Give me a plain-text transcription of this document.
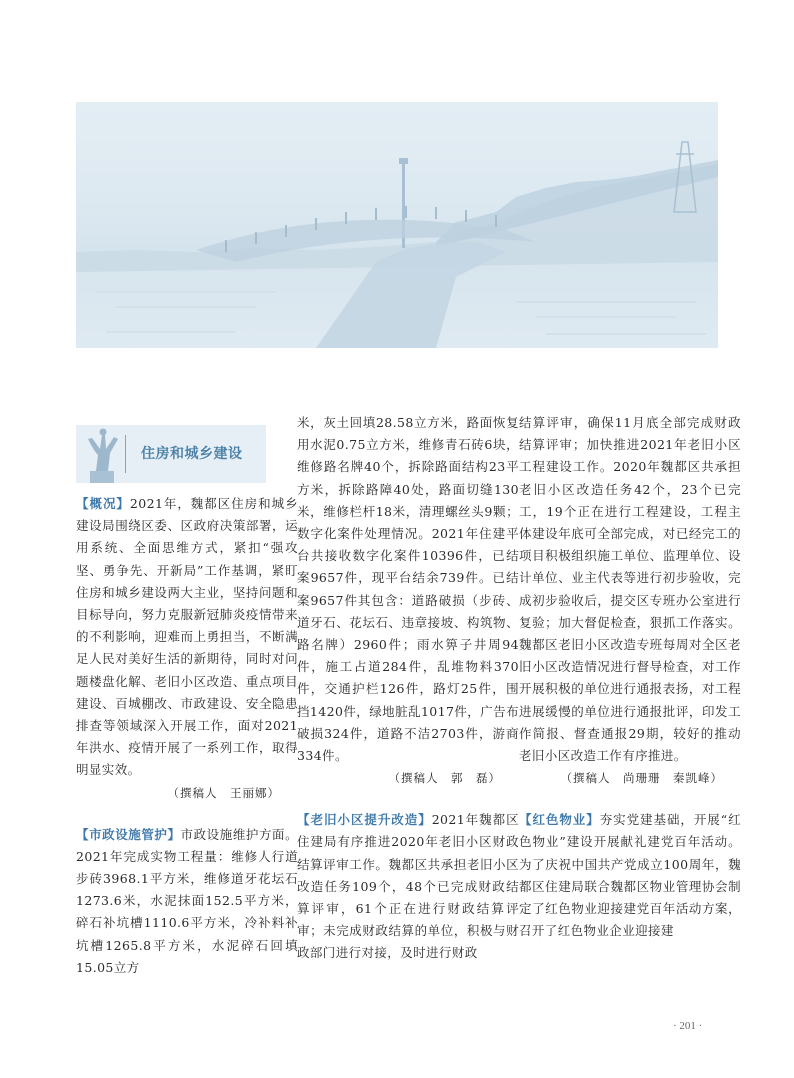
住房和城乡建设

【概况】2021年，魏都区住房和城乡建设局围绕区委、区政府决策部署，运用系统、全面思维方式，紧扣“强攻坚、勇争先、开新局”工作基调，紧盯住房和城乡建设两大主业，坚持问题和目标导向，努力克服新冠肺炎疫情带来的不利影响，迎难而上勇担当，不断满足人民对美好生活的新期待，同时对问题楼盘化解、老旧小区改造、重点项目建设、百城棚改、市政建设、安全隐患排查等领域深入开展工作，面对2021年洪水、疫情开展了一系列工作，取得明显实效。

（撰稿人　王丽娜）

【市政设施管护】市政设施维护方面。2021年完成实物工程量：维修人行道步砖3968.1平方米，维修道牙花坛石1273.6米，水泥抹面152.5平方米，碎石补坑槽1110.6平方米，冷补料补坑槽1265.8平方米，水泥碎石回填15.05立方

米，灰土回填28.58立方米，路面恢复用水泥0.75立方米，维修青石砖6块，维修路名牌40个，拆除路面结构23平方米，拆除路障40处，路面切缝130米，维修栏杆18米，清理螺丝头9颗；数字化案件处理情况。2021年住建平台共接收数字化案件10396件，已结案9657件，现平台结余739件。已结案9657件其包含：道路破损（步砖、道牙石、花坛石、违章接坡、构筑物、路名牌）2960件；雨水箅子井周94件，施工占道284件，乱堆物料370件，交通护栏126件，路灯25件，围挡1420件，绿地脏乱1017件，广告布破损324件，道路不洁2703件，游商334件。

（撰稿人　郭　磊）

【老旧小区提升改造】2021年魏都区住建局有序推进2020年老旧小区财政结算评审工作。魏都区共承担老旧小区改造任务109个，48个已完成财政结算评审，61个正在进行财政结算评审；未完成财政结算的单位，积极与财政部门进行对接，及时进行财政

结算评审，确保11月底全部完成财政结算评审；加快推进2021年老旧小区工程建设工作。2020年魏都区共承担老旧小区改造任务42个，23个已完工，19个正在进行工程建设，工程主体建设年底可全部完成，对已经完工的项目积极组织施工单位、监理单位、设计单位、业主代表等进行初步验收，完成初步验收后，提交区专班办公室进行复验；加大督促检查，狠抓工作落实。魏都区老旧小区改造专班每周对全区老旧小区改造情况进行督导检查，对工作开展积极的单位进行通报表扬，对工程进展缓慢的单位进行通报批评，印发工作简报、督查通报29期，较好的推动老旧小区改造工作有序推进。

（撰稿人　尚珊珊　秦凯峰）

【红色物业】夯实党建基础，开展“红色物业”建设开展献礼建党百年活动。为了庆祝中国共产党成立100周年，魏都区住建局联合魏都区物业管理协会制定了红色物业迎接建党百年活动方案，召开了红色物业企业迎接建

· 201 ·
